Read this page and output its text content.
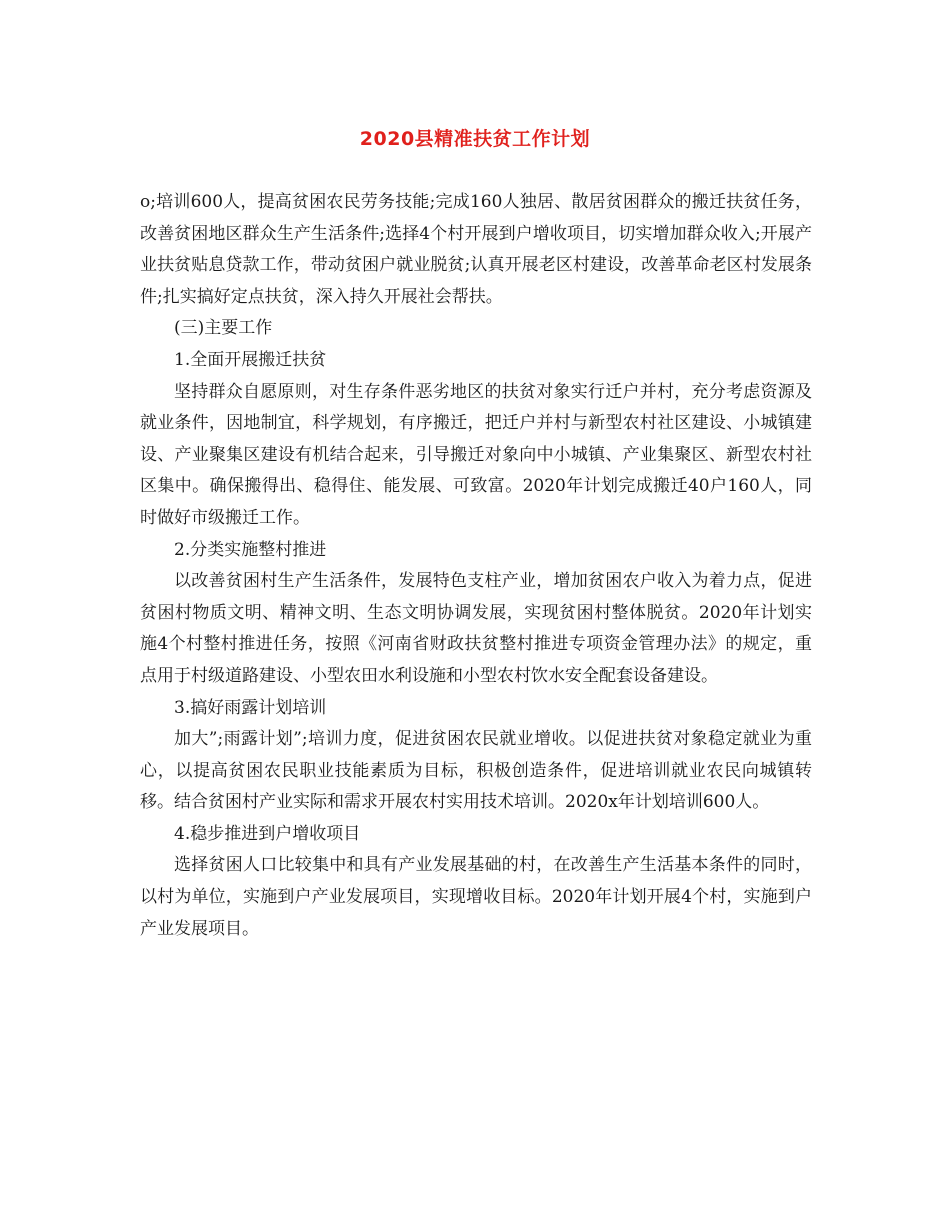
2020县精准扶贫工作计划

o;培训600人，提高贫困农民劳务技能;完成160人独居、散居贫困群众的搬迁扶贫任务，改善贫困地区群众生产生活条件;选择4个村开展到户增收项目，切实增加群众收入;开展产业扶贫贴息贷款工作，带动贫困户就业脱贫;认真开展老区村建设，改善革命老区村发展条件;扎实搞好定点扶贫，深入持久开展社会帮扶。

(三)主要工作

1.全面开展搬迁扶贫

坚持群众自愿原则，对生存条件恶劣地区的扶贫对象实行迁户并村，充分考虑资源及就业条件，因地制宜，科学规划，有序搬迁，把迁户并村与新型农村社区建设、小城镇建设、产业聚集区建设有机结合起来，引导搬迁对象向中小城镇、产业集聚区、新型农村社区集中。确保搬得出、稳得住、能发展、可致富。2020年计划完成搬迁40户160人，同时做好市级搬迁工作。

2.分类实施整村推进

以改善贫困村生产生活条件，发展特色支柱产业，增加贫困农户收入为着力点，促进贫困村物质文明、精神文明、生态文明协调发展，实现贫困村整体脱贫。2020年计划实施4个村整村推进任务，按照《河南省财政扶贫整村推进专项资金管理办法》的规定，重点用于村级道路建设、小型农田水利设施和小型农村饮水安全配套设备建设。

3.搞好雨露计划培训

加大”;雨露计划”;培训力度，促进贫困农民就业增收。以促进扶贫对象稳定就业为重心，以提高贫困农民职业技能素质为目标，积极创造条件，促进培训就业农民向城镇转移。结合贫困村产业实际和需求开展农村实用技术培训。2020x年计划培训600人。

4.稳步推进到户增收项目

选择贫困人口比较集中和具有产业发展基础的村，在改善生产生活基本条件的同时，以村为单位，实施到户产业发展项目，实现增收目标。2020年计划开展4个村，实施到户产业发展项目。
